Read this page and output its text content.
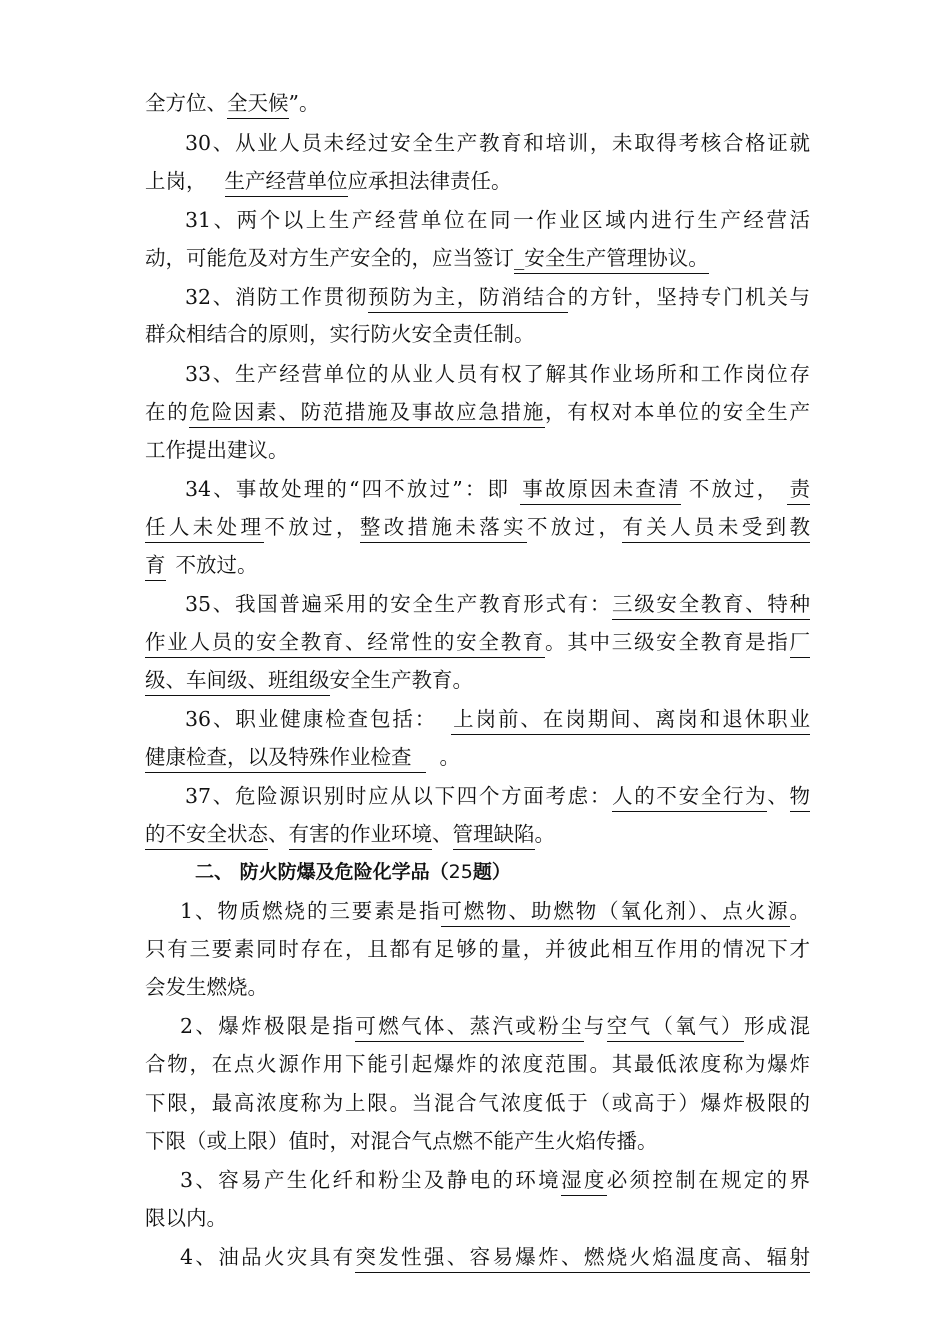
全方位、全天候”。
30、从业人员未经过安全生产教育和培训，未取得考核合格证就
上岗， 生产经营单位应承担法律责任。
31、两个以上生产经营单位在同一作业区域内进行生产经营活
动，可能危及对方生产安全的，应当签订_安全生产管理协议。
32、消防工作贯彻预防为主，防消结合的方针，坚持专门机关与
群众相结合的原则，实行防火安全责任制。
33、生产经营单位的从业人员有权了解其作业场所和工作岗位存
在的危险因素、防范措施及事故应急措施，有权对本单位的安全生产
工作提出建议。
34、事故处理的“四不放过”：即 事故原因未查清 不放过， 责
任人未处理不放过，整改措施未落实不放过，有关人员未受到教
育 不放过。
35、我国普遍采用的安全生产教育形式有：三级安全教育、特种
作业人员的安全教育、经常性的安全教育。其中三级安全教育是指厂
级、车间级、班组级安全生产教育。
36、职业健康检查包括： 上岗前、在岗期间、离岗和退休职业
健康检查，以及特殊作业检查 。
37、危险源识别时应从以下四个方面考虑：人的不安全行为、物
的不安全状态、有害的作业环境、管理缺陷。
二、 防火防爆及危险化学品（25题）
1、物质燃烧的三要素是指可燃物、助燃物（氧化剂）、点火源。
只有三要素同时存在，且都有足够的量，并彼此相互作用的情况下才
会发生燃烧。
2、爆炸极限是指可燃气体、蒸汽或粉尘与空气（氧气）形成混
合物，在点火源作用下能引起爆炸的浓度范围。其最低浓度称为爆炸
下限，最高浓度称为上限。当混合气浓度低于（或高于）爆炸极限的
下限（或上限）值时，对混合气点燃不能产生火焰传播。
3、容易产生化纤和粉尘及静电的环境湿度必须控制在规定的界
限以内。
4、油品火灾具有突发性强、容易爆炸、燃烧火焰温度高、辐射
